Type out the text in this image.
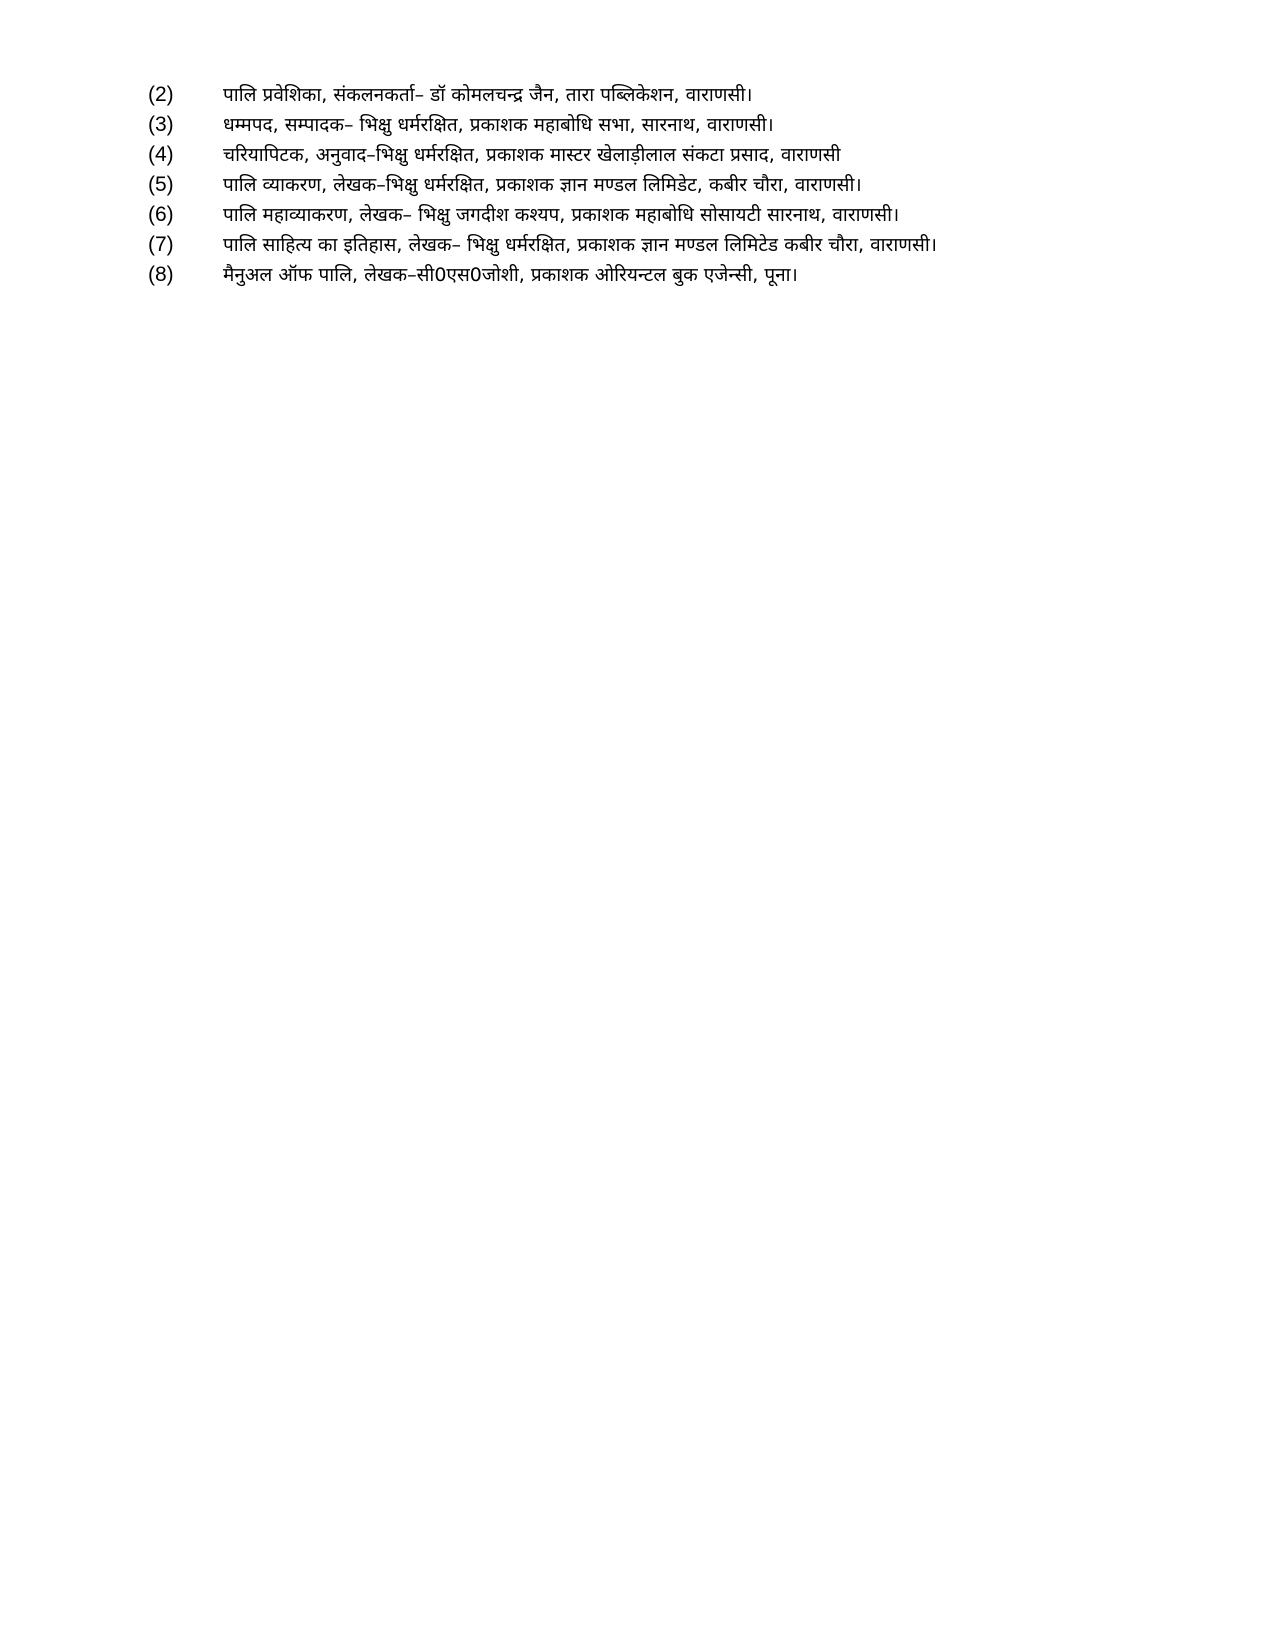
(2)	पालि प्रवेशिका, संकलनकर्ता– डॉ कोमलचन्द्र जैन, तारा पब्लिकेशन, वाराणसी।
(3)	धम्मपद, सम्पादक– भिक्षु धर्मरक्षित, प्रकाशक महाबोधि सभा, सारनाथ, वाराणसी।
(4)	चरियापिटक, अनुवाद–भिक्षु धर्मरक्षित, प्रकाशक मास्टर खेलाड़ीलाल संकटा प्रसाद, वाराणसी
(5)	पालि व्याकरण, लेखक–भिक्षु धर्मरक्षित, प्रकाशक ज्ञान मण्डल लिमिडेट, कबीर चौरा, वाराणसी।
(6)	पालि महाव्याकरण, लेखक– भिक्षु जगदीश कश्यप, प्रकाशक महाबोधि सोसायटी सारनाथ, वाराणसी।
(7)	पालि साहित्य का इतिहास, लेखक– भिक्षु धर्मरक्षित, प्रकाशक ज्ञान मण्डल लिमिटेड कबीर चौरा, वाराणसी।
(8)	मैनुअल ऑफ पालि, लेखक–सी0एस0जोशी, प्रकाशक ओरियन्टल बुक एजेन्सी, पूना।
